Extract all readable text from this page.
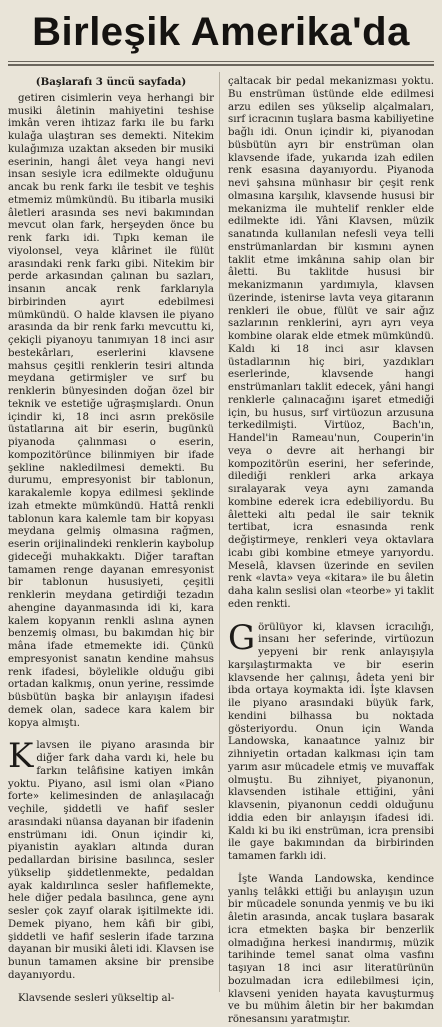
Birleşik Amerika'da
(Başlarafı 3 üncü sayfada)

getiren cisimlerin veya herhangi bir musiki âletinin mahiyetini teshise imkân veren ihtizaz farkı ile bu farkı kulağa ulaştıran ses demekti. Nitekim kulağımıza uzaktan akseden bir musiki eserinin, hangi âlet veya hangi nevi insan sesiyle icra edilmekte olduğunu ancak bu renk farkı ile tesbit ve teşhis etmemiz mümkündü. Bu itibarla musiki âletleri arasında ses nevi bakımından mevcut olan fark, herşeyden önce bu renk farkı idi. Tıpkı keman ile viyolonsel, veya klârinet ile fülüt arasındaki renk farkı gibi. Nitekim bir perde arkasından çalınan bu sazları, insanın ancak renk farklarıyla birbirinden ayırt edebilmesi mümkündü. O halde klavsen ile piyano arasında da bir renk farkı mevcuttu ki, çekiçli piyanoyu tanımıyan 18 inci asır bestekârları, eserlerini klavsene mahsus çeşitli renklerin tesiri altında meydana getirmişler ve sırf bu renklerin bünyesinden doğan özel bir teknik ve estetiğe uğraşmışlardı. Onun içindir ki, 18 inci asrın prekösile üstatlarına ait bir eserin, bugünkü piyanoda çalınması o eserin, kompozitörünce bilinmiyen bir ifade şekline nakledilmesi demekti. Bu durumu, empresyonist bir tablonun, karakalemle kopya edilmesi şeklinde izah etmekte mümkündü. Hattâ renkli tablonun kara kalemle tam bir kopyası meydana gelmiş olmasına rağmen, eserin orijinalindeki renklerin kaybolup gideceği muhakkaktı. Diğer taraftan tamamen renge dayanan emresyonist bir tablonun hususiyeti, çeşitli renklerin meydana getirdiği tezadın ahengine dayanmasında idi ki, kara kalem kopyanın renkli aslına aynen benzemiş olması, bu bakımdan hiç bir mâna ifade etmemekte idi. Çünkü empresyonist sanatın kendine mahsus renk ifadesi, böylelikle olduğu gibi ortadan kalkmış, onun yerine, ressimde büsbütün başka bir anlayışın ifadesi demek olan, sadece kara kalem bir kopya almıştı.

Klavsen ile piyano arasında bir diğer fark daha vardı ki, hele bu farkın telâfisine katiyen imkân yoktu. Piyano, asıl ismi olan «Piano forte» kelimesinden de anlaşılacağı veçhile, şiddetli ve hafif sesler arasındaki nüansa dayanan bir ifadenin enstrümanı idi. Onun içindir ki, piyanistin ayakları altında duran pedallardan birisine basılınca, sesler yükselip şiddetlenmekte, pedaldan ayak kaldırılınca sesler hafiflemekte, hele diğer pedala basılınca, gene aynı sesler çok zayıf olarak işitilmekte idi. Demek piyano, hem kâfi bir gibi, şiddetli ve hafif seslerin ifade tarzına dayanan bir musiki âleti idi. Klavsen ise bunun tamamen aksine bir prensibe dayanıyordu.

Klavsende sesleri yükseltip al-

çaltacak bir pedal mekanizması yoktu. Bu enstrüman üstünde elde edilmesi arzu edilen ses yükselip alçalmaları, sırf icracının tuşlara basma kabiliyetine bağlı idi. Onun içindir ki, piyanodan büsbütün ayrı bir enstrüman olan klavsende ifade, yukarıda izah edilen renk esasına dayanıyordu. Piyanoda nevi şahsına münhasır bir çeşit renk olmasına karşılık, klavsende hususi bir mekanizma ile muhtelif renkler elde edilmekte idi. Yâni Klavsen, müzik sanatında kullanılan nefesli veya telli enstrümanlardan bir kısmını aynen taklit etme imkânına sahip olan bir âletti. Bu taklitde hususi bir mekanizmanın yardımıyla, klavsen üzerinde, istenirse lavta veya gitaranın renkleri ile obue, fülüt ve sair ağız sazlarının renklerini, ayrı ayrı veya kombine olarak elde etmek mümkündü. Kaldı ki 18 inci asır klavsen üstadlarının hiç biri, yazdıkları eserlerinde, klavsende hangi enstrümanları taklit edecek, yâni hangi renklerle çalınacağını işaret etmediği için, bu husus, sırf virtüozun arzusuna terkedilmişti. Virtüoz, Bach'ın, Handel'in Rameau'nun, Couperin'in veya o devre ait herhangi bir kompozitörün eserini, her seferinde, dilediği renkleri arka arkaya sıralayarak veya aynı zamanda kombine ederek icra edebiliyordu. Bu âletteki altı pedal ile sair teknik tertibat, icra esnasında renk değiştirmeye, renkleri veya oktavlara icabı gibi kombine etmeye yarıyordu. Meselâ, klavsen üzerinde en sevilen renk «lavta» veya «kitara» ile bu âletin daha kalın seslisi olan «teorbe» yi taklit eden renkti.

Görülüyor ki, klavsen icracılığı, insanı her seferinde, virtüozun yepyeni bir renk anlayışıyla karşılaştırmakta ve bir eserin klavsende her çalınışı, âdeta yeni bir ibda ortaya koymakta idi. İşte klavsen ile piyano arasındaki büyük fark, kendini bilhassa bu noktada gösteriyordu. Onun için Wanda Landowska, kanaatınce yalnız bir zihniyetin ortadan kalkması için tam yarım asır mücadele etmiş ve muvaffak olmuştu. Bu zihniyet, piyanonun, klavsenden istihale ettiğini, yâni klavsenin, piyanonun ceddi olduğunu iddia eden bir anlayışın ifadesi idi. Kaldı ki bu iki enstrüman, icra prensibi ile gaye bakımından da birbirinden tamamen farklı idi.

İşte Wanda Landowska, kendince yanlış telâkki ettiği bu anlayışın uzun bir mücadele sonunda yenmiş ve bu iki âletin arasında, ancak tuşlara basarak icra etmekten başka bir benzerlik olmadığına herkesi inandırmış, müzik tarihinde temel sanat olma vasfını taşıyan 18 inci asır literatürünün bozulmadan icra edilebilmesi için, klavseni yeniden hayata kavuşturmuş ve bu mühim âletin bir her bakımdan rönesansını yaratmıştır.
